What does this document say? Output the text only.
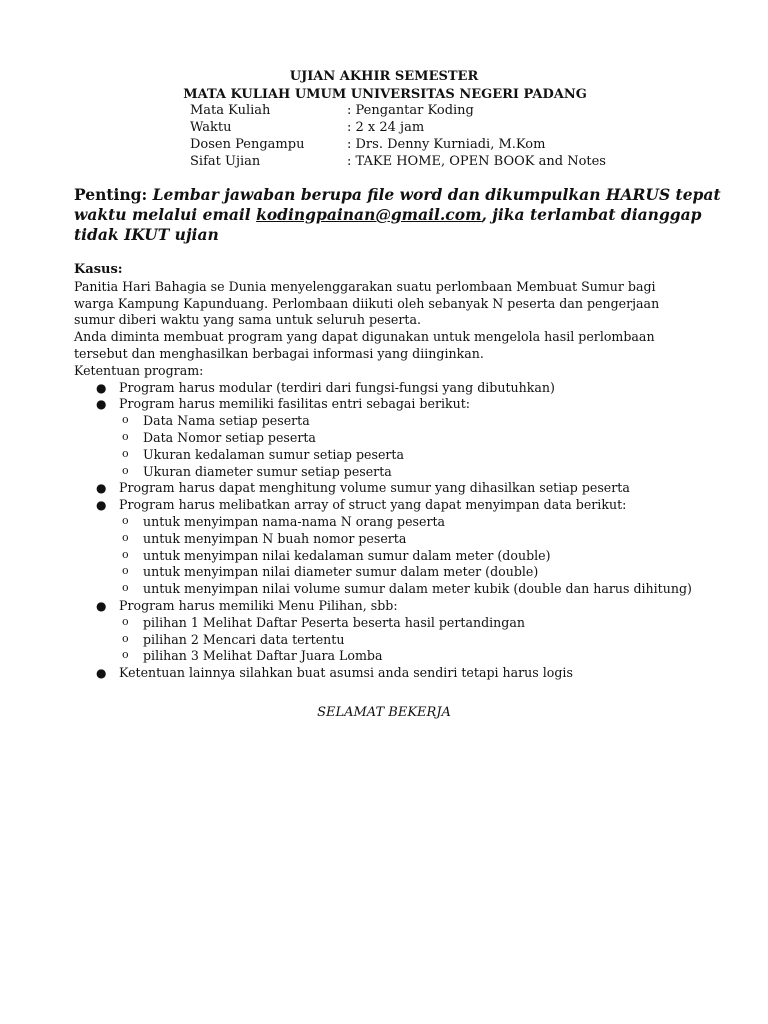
UJIAN AKHIR SEMESTER
MATA KULIAH UMUM UNIVERSITAS NEGERI PADANG
Mata Kuliah	: Pengantar Koding
Waktu	: 2 x 24 jam
Dosen Pengampu	: Drs. Denny Kurniadi, M.Kom
Sifat Ujian	: TAKE HOME, OPEN BOOK and Notes
Penting: Lembar jawaban berupa file word dan dikumpulkan HARUS tepat waktu melalui email kodingpainan@gmail.com, jika terlambat dianggap tidak IKUT ujian
Kasus:
Panitia Hari Bahagia se Dunia menyelenggarakan suatu perlombaan Membuat Sumur bagi warga Kampung Kapunduang. Perlombaan diikuti oleh sebanyak N peserta dan pengerjaan sumur diberi waktu yang sama untuk seluruh peserta.
Anda diminta membuat program yang dapat digunakan untuk mengelola hasil perlombaan tersebut dan menghasilkan berbagai informasi yang diinginkan.
Ketentuan program:
● Program harus modular (terdiri dari fungsi-fungsi yang dibutuhkan)
● Program harus memiliki fasilitas entri sebagai berikut:
o Data Nama setiap peserta
o Data Nomor setiap peserta
o Ukuran kedalaman sumur setiap peserta
o Ukuran diameter sumur setiap peserta
● Program harus dapat menghitung volume sumur yang dihasilkan setiap peserta
● Program harus melibatkan array of struct yang dapat menyimpan data berikut:
o untuk menyimpan nama-nama N orang peserta
o untuk menyimpan N buah nomor peserta
o untuk menyimpan nilai kedalaman sumur dalam meter (double)
o untuk menyimpan nilai diameter sumur dalam meter (double)
o untuk menyimpan nilai volume sumur dalam meter kubik (double dan harus dihitung)
● Program harus memiliki Menu Pilihan, sbb:
o pilihan 1 Melihat Daftar Peserta beserta hasil pertandingan
o pilihan 2 Mencari data tertentu
o pilihan 3 Melihat Daftar Juara Lomba
● Ketentuan lainnya silahkan buat asumsi anda sendiri tetapi harus logis
SELAMAT BEKERJA
